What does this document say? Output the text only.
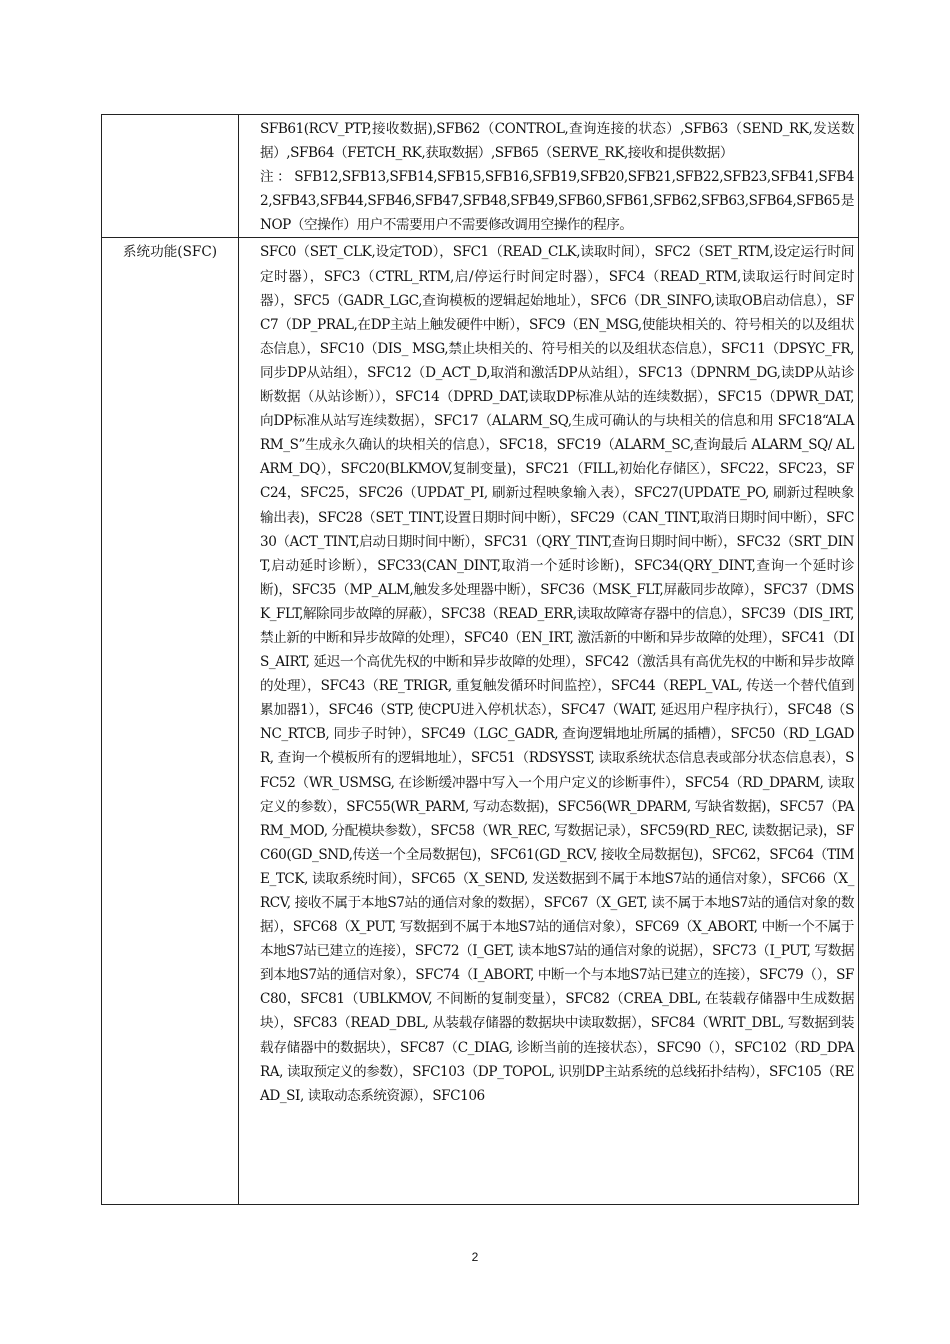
	SFB61(RCV_PTP,接收数据),SFB62（CONTROL,查询连接的状态）,SFB63（SEND_RK,发送数据）,SFB64（FETCH_RK,获取数据）,SFB65（SERVE_RK,接收和提供数据）
注：SFB12,SFB13,SFB14,SFB15,SFB16,SFB19,SFB20,SFB21,SFB22,SFB23,SFB41,SFB42,SFB43,SFB44,SFB46,SFB47,SFB48,SFB49,SFB60,SFB61,SFB62,SFB63,SFB64,SFB65是NOP（空操作）用户不需要用户不需要修改调用空操作的程序。

系统功能(SFC)	SFC0（SET_CLK,设定TOD），SFC1（READ_CLK,读取时间），SFC2（SET_RTM,设定运行时间定时器），SFC3（CTRL_RTM,启/停运行时间定时器），SFC4（READ_RTM,读取运行时间定时器），SFC5（GADR_LGC,查询模板的逻辑起始地址），SFC6（DR_SINFO,读取OB启动信息），SFC7（DP_PRAL,在DP主站上触发硬件中断），SFC9（EN_MSG,使能块相关的、符号相关的以及组状态信息），SFC10（DIS_ MSG,禁止块相关的、符号相关的以及组状态信息），SFC11（DPSYC_FR,同步DP从站组），SFC12（D_ACT_D,取消和激活DP从站组），SFC13（DPNRM_DG,读DP从站诊断数据（从站诊断）），SFC14（DPRD_DAT,读取DP标准从站的连续数据），SFC15（DPWR_DAT,向DP标准从站写连续数据），SFC17（ALARM_SQ,生成可确认的与块相关的信息和用 SFC18“ALARM_S”生成永久确认的块相关的信息），SFC18，SFC19（ALARM_SC,查询最后 ALARM_SQ/ ALARM_DQ），SFC20(BLKMOV,复制变量)，SFC21（FILL,初始化存储区），SFC22，SFC23，SFC24，SFC25，SFC26（UPDAT_PI, 刷新过程映象输入表），SFC27(UPDATE_PO, 刷新过程映象输出表)，SFC28（SET_TINT,设置日期时间中断），SFC29（CAN_TINT,取消日期时间中断），SFC30（ACT_TINT,启动日期时间中断），SFC31（QRY_TINT,查询日期时间中断），SFC32（SRT_DINT,启动延时诊断），SFC33(CAN_DINT,取消一个延时诊断)，SFC34(QRY_DINT,查询一个延时诊断)，SFC35（MP_ALM,触发多处理器中断），SFC36（MSK_FLT,屏蔽同步故障），SFC37（DMSK_FLT,解除同步故障的屏蔽），SFC38（READ_ERR,读取故障寄存器中的信息），SFC39（DIS_IRT, 禁止新的中断和异步故障的处理），SFC40（EN_IRT, 激活新的中断和异步故障的处理），SFC41（DIS_AIRT, 延迟一个高优先权的中断和异步故障的处理），SFC42（激活具有高优先权的中断和异步故障的处理），SFC43（RE_TRIGR, 重复触发循环时间监控），SFC44（REPL_VAL, 传送一个替代值到累加器1），SFC46（STP, 使CPU进入停机状态），SFC47（WAIT, 延迟用户程序执行），SFC48（SNC_RTCB, 同步子时钟），SFC49（LGC_GADR, 查询逻辑地址所属的插槽），SFC50（RD_LGADR, 查询一个模板所有的逻辑地址），SFC51（RDSYSST, 读取系统状态信息表或部分状态信息表），SFC52（WR_USMSG, 在诊断缓冲器中写入一个用户定义的诊断事件），SFC54（RD_DPARM, 读取定义的参数），SFC55(WR_PARM, 写动态数据)，SFC56(WR_DPARM, 写缺省数据)，SFC57（PARM_MOD, 分配模块参数），SFC58（WR_REC, 写数据记录），SFC59(RD_REC, 读数据记录)，SFC60(GD_SND,传送一个全局数据包)，SFC61(GD_RCV, 接收全局数据包)，SFC62，SFC64（TIME_TCK, 读取系统时间），SFC65（X_SEND, 发送数据到不属于本地S7站的通信对象），SFC66（X_RCV, 接收不属于本地S7站的通信对象的数据），SFC67（X_GET, 读不属于本地S7站的通信对象的数据），SFC68（X_PUT, 写数据到不属于本地S7站的通信对象），SFC69（X_ABORT, 中断一个不属于本地S7站已建立的连接），SFC72（I_GET, 读本地S7站的通信对象的说据），SFC73（I_PUT, 写数据到本地S7站的通信对象），SFC74（I_ABORT, 中断一个与本地S7站已建立的连接），SFC79（），SFC80，SFC81（UBLKMOV, 不间断的复制变量），SFC82（CREA_DBL, 在装载存储器中生成数据块），SFC83（READ_DBL, 从装载存储器的数据块中读取数据），SFC84（WRIT_DBL, 写数据到装载存储器中的数据块），SFC87（C_DIAG, 诊断当前的连接状态），SFC90（），SFC102（RD_DPARA, 读取预定义的参数），SFC103（DP_TOPOL, 识别DP主站系统的总线拓扑结构），SFC105（READ_SI, 读取动态系统资源），SFC106
2
